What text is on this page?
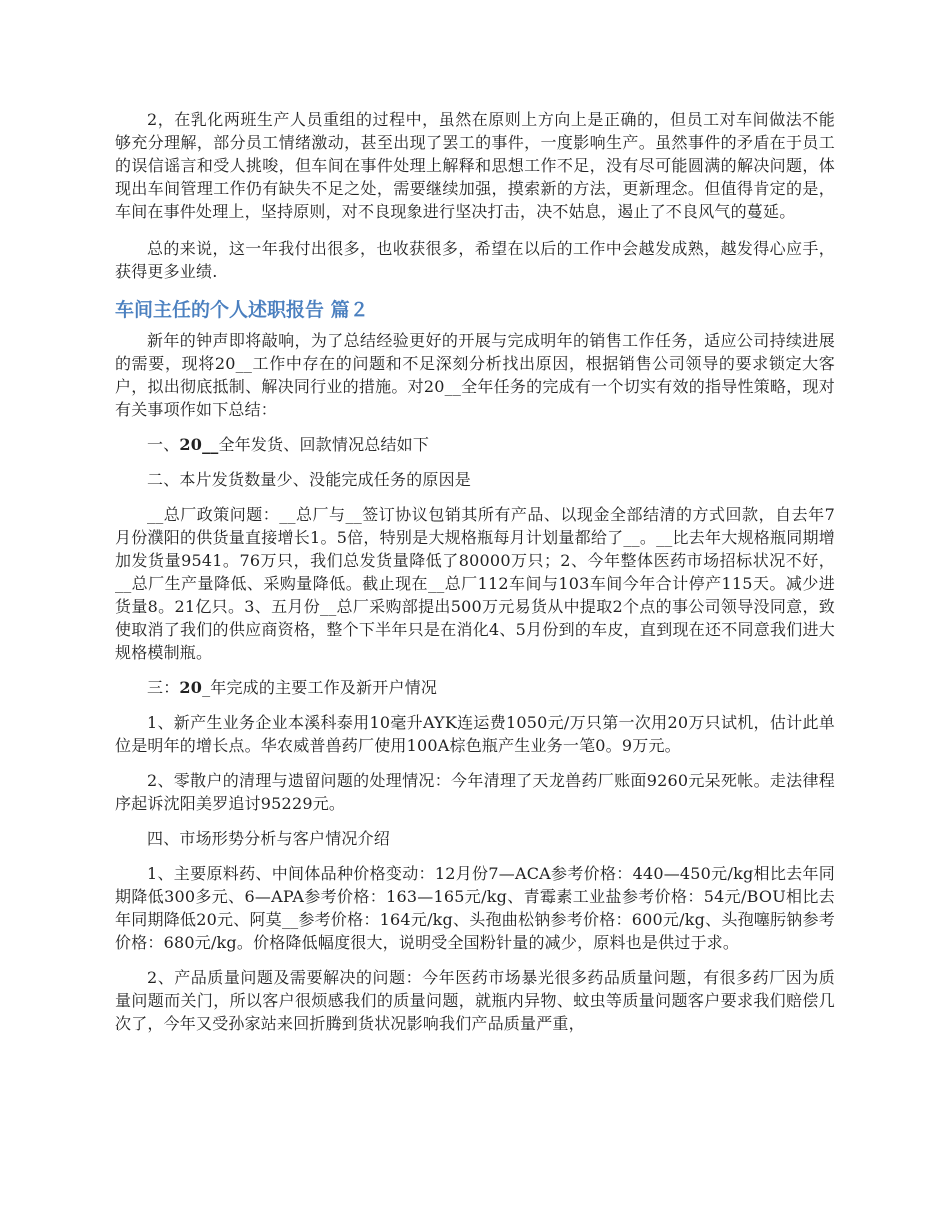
2，在乳化两班生产人员重组的过程中，虽然在原则上方向上是正确的，但员工对车间做法不能够充分理解，部分员工情绪激动，甚至出现了罢工的事件，一度影响生产。虽然事件的矛盾在于员工的误信谣言和受人挑唆，但车间在事件处理上解释和思想工作不足，没有尽可能圆满的解决问题，体现出车间管理工作仍有缺失不足之处，需要继续加强，摸索新的方法，更新理念。但值得肯定的是，车间在事件处理上，坚持原则，对不良现象进行坚决打击，决不姑息，遏止了不良风气的蔓延。

总的来说，这一年我付出很多，也收获很多，希望在以后的工作中会越发成熟，越发得心应手，获得更多业绩.

车间主任的个人述职报告 篇２

新年的钟声即将敲响，为了总结经验更好的开展与完成明年的销售工作任务，适应公司持续进展的需要，现将20__工作中存在的问题和不足深刻分析找出原因，根据销售公司领导的要求锁定大客户，拟出彻底抵制、解决同行业的措施。对20__全年任务的完成有一个切实有效的指导性策略，现对有关事项作如下总结：

一、20__全年发货、回款情况总结如下

二、本片发货数量少、没能完成任务的原因是

__总厂政策问题：__总厂与__签订协议包销其所有产品、以现金全部结清的方式回款，自去年7月份濮阳的供货量直接增长1。5倍，特别是大规格瓶每月计划量都给了__。__比去年大规格瓶同期增加发货量9541。76万只，我们总发货量降低了80000万只；2、今年整体医药市场招标状况不好，__总厂生产量降低、采购量降低。截止现在__总厂112车间与103车间今年合计停产115天。减少进货量8。21亿只。3、五月份__总厂采购部提出500万元易货从中提取2个点的事公司领导没同意，致使取消了我们的供应商资格，整个下半年只是在消化4、5月份到的车皮，直到现在还不同意我们进大规格模制瓶。

三：20_年完成的主要工作及新开户情况

1、新产生业务企业本溪科泰用10毫升AYK连运费1050元/万只第一次用20万只试机，估计此单位是明年的增长点。华农威普兽药厂使用100A棕色瓶产生业务一笔0。9万元。

2、零散户的清理与遗留问题的处理情况：今年清理了天龙兽药厂账面9260元呆死帐。走法律程序起诉沈阳美罗追讨95229元。

四、市场形势分析与客户情况介绍

1、主要原料药、中间体品种价格变动：12月份7—ACA参考价格：440—450元/kg相比去年同期降低300多元、6—APA参考价格：163—165元/kg、青霉素工业盐参考价格：54元/BOU相比去年同期降低20元、阿莫__参考价格：164元/kg、头孢曲松钠参考价格：600元/kg、头孢噻肟钠参考价格：680元/kg。价格降低幅度很大，说明受全国粉针量的减少，原料也是供过于求。

2、产品质量问题及需要解决的问题：今年医药市场暴光很多药品质量问题，有很多药厂因为质量问题而关门，所以客户很烦感我们的质量问题，就瓶内异物、蚊虫等质量问题客户要求我们赔偿几次了，今年又受孙家站来回折腾到货状况影响我们产品质量严重，
